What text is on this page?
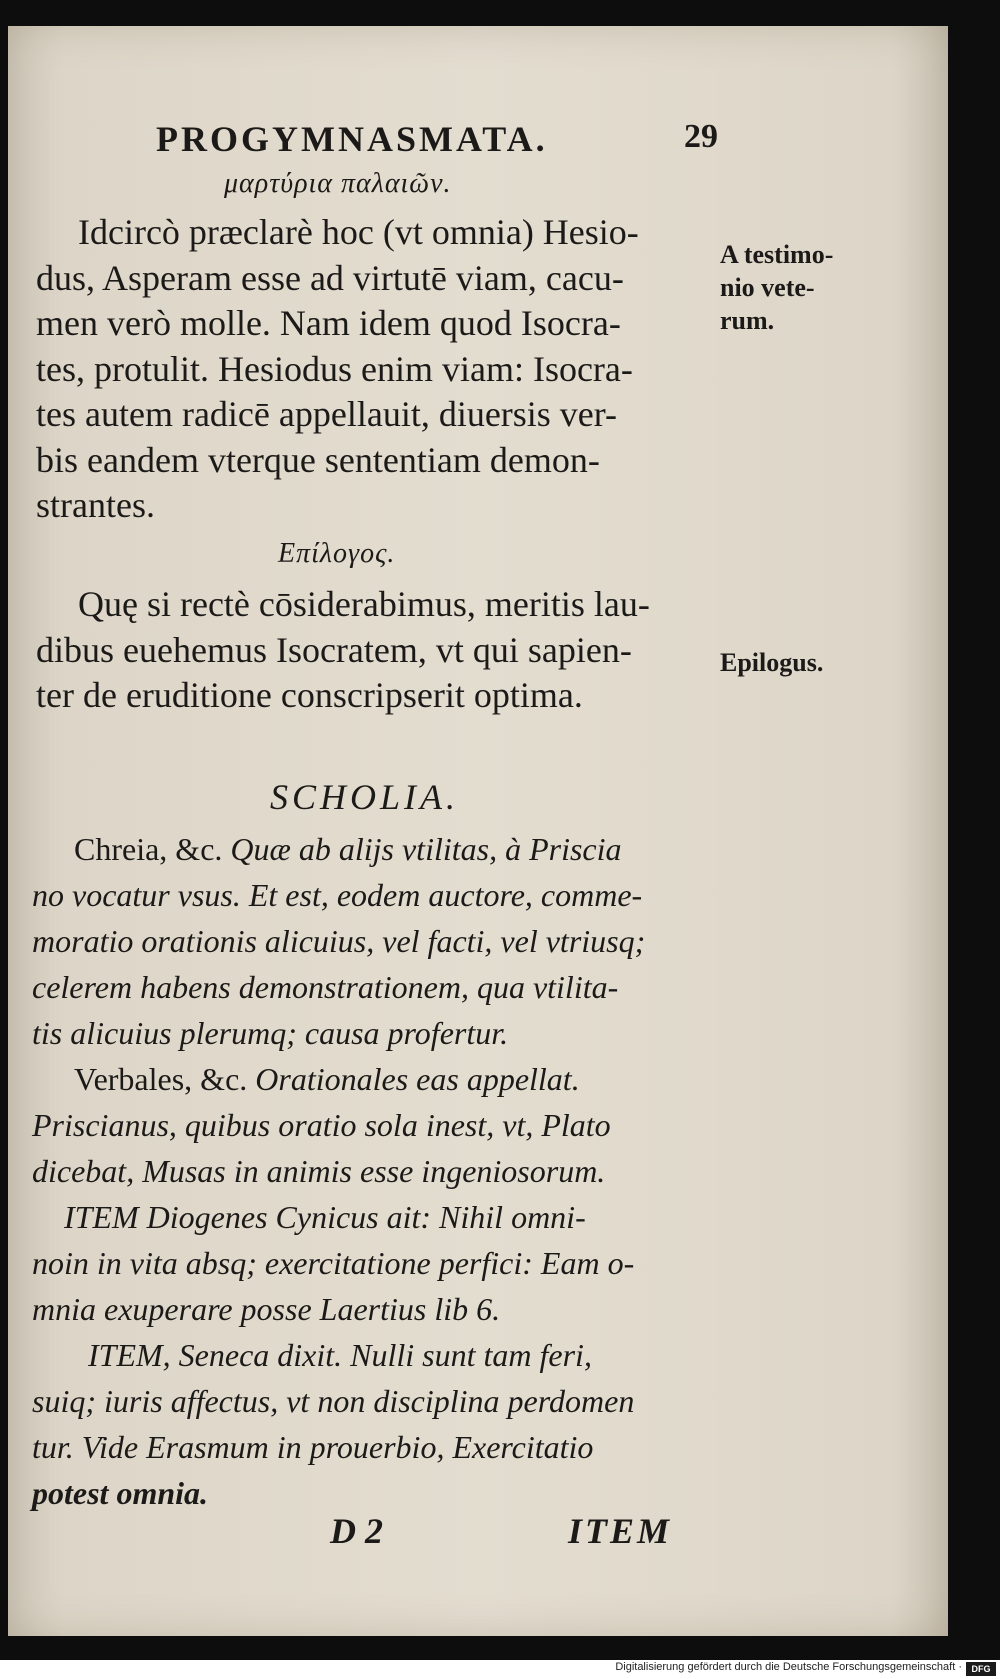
PROGYMNASMATA.	29
μαρτύρια παλαιῶν.
Idcircò præclarè hoc (vt omnia) Hesio-
dus, Asperam esse ad virtutē viam, cacu-
men verò molle. Nam idem quod Isocra-
tes, protulit. Hesiodus enim viam: Isocra-
tes autem radicē appellauit, diuersis ver-
bis eandem vterque sententiam demon-
strantes.
A testimo-
nio vete-
rum.
Επίλογος.
Quę si rectè cōsiderabimus, meritis lau-
dibus euehemus Isocratem, vt qui sapien-
ter de eruditione conscripserit optima.
Epilogus.
SCHOLIA.
Chreia, &c. Quæ ab alijs vtilitas, à Priscia
no vocatur vsus. Et est, eodem auctore, comme-
moratio orationis alicuius, vel facti, vel vtriusq;
celerem habens demonstrationem, qua vtilita-
tis alicuius plerumq; causa profertur.
Verbales, &c. Orationales eas appellat.
Priscianus, quibus oratio sola inest, vt, Plato
dicebat, Musas in animis esse ingeniosorum.
ITEM Diogenes Cynicus ait: Nihil omni-
noin in vita absq; exercitatione perfici: Eam o-
mnia exuperare posse Laertius lib 6.
ITEM, Seneca dixit. Nulli sunt tam feri,
suiq; iuris affectus, vt non disciplina perdomen
tur. Vide Erasmum in prouerbio, Exercitatio
potest omnia.
D 2	ITEM
Digitalisierung gefördert durch die Deutsche Forschungsgemeinschaft ·	DFG
